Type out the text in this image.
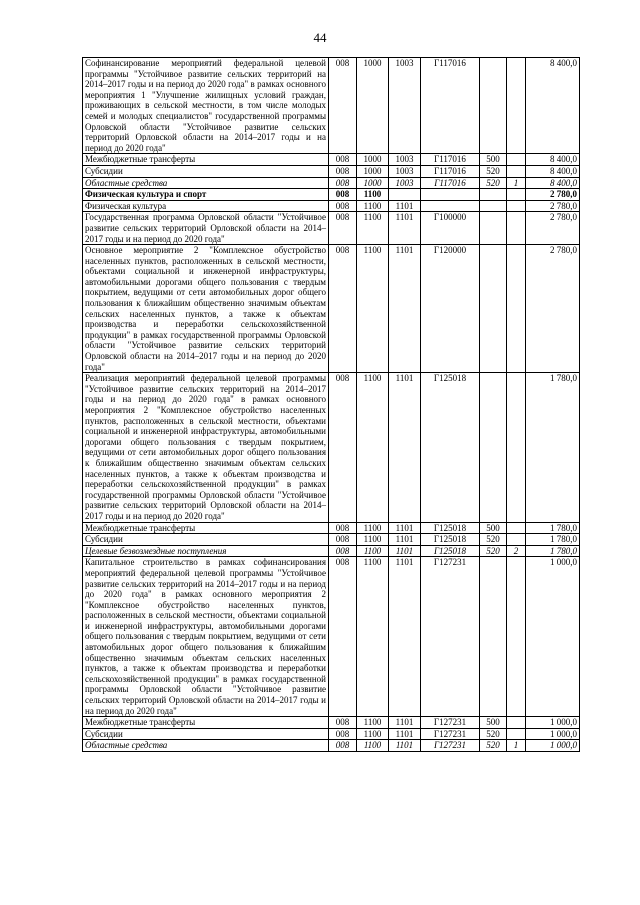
44
Софинансирование мероприятий федеральной целевой программы "Устойчивое развитие сельских территорий на 2014–2017 годы и на период до 2020 года" в рамках основного мероприятия 1 "Улучшение жилищных условий граждан, проживающих в сельской местности, в том числе молодых семей и молодых специалистов" государственной программы Орловской области "Устойчивое развитие сельских территорий Орловской области на 2014–2017 годы и на период до 2020 года"	008	1000	1003	Г117016			8 400,0
Межбюджетные трансферты	008	1000	1003	Г117016	500		8 400,0
Субсидии	008	1000	1003	Г117016	520		8 400,0
Областные средства	008	1000	1003	Г117016	520	1	8 400,0
Физическая культура и спорт	008	1100					2 780,0
Физическая культура	008	1100	1101				2 780,0
Государственная программа Орловской области "Устойчивое развитие сельских территорий Орловской области на 2014–2017 годы и на период до 2020 года"	008	1100	1101	Г100000			2 780,0
Основное мероприятие 2 "Комплексное обустройство населенных пунктов, расположенных в сельской местности, объектами социальной и инженерной инфраструктуры, автомобильными дорогами общего пользования с твердым покрытием, ведущими от сети автомобильных дорог общего пользования к ближайшим общественно значимым объектам сельских населенных пунктов, а также к объектам производства и переработки сельскохозяйственной продукции" в рамках государственной программы Орловской области "Устойчивое развитие сельских территорий Орловской области на 2014–2017 годы и на период до 2020 года"	008	1100	1101	Г120000			2 780,0
Реализация мероприятий федеральной целевой программы "Устойчивое развитие сельских территорий на 2014–2017 годы и на период до 2020 года" в рамках основного мероприятия 2 "Комплексное обустройство населенных пунктов, расположенных в сельской местности, объектами социальной и инженерной инфраструктуры, автомобильными дорогами общего пользования с твердым покрытием, ведущими от сети автомобильных дорог общего пользования к ближайшим общественно значимым объектам сельских населенных пунктов, а также к объектам производства и переработки сельскохозяйственной продукции" в рамках государственной программы Орловской области "Устойчивое развитие сельских территорий Орловской области на 2014–2017 годы и на период до 2020 года"	008	1100	1101	Г125018			1 780,0
Межбюджетные трансферты	008	1100	1101	Г125018	500		1 780,0
Субсидии	008	1100	1101	Г125018	520		1 780,0
Целевые безвозмездные поступления	008	1100	1101	Г125018	520	2	1 780,0
Капитальное строительство в рамках софинансирования мероприятий федеральной целевой программы "Устойчивое развитие сельских территорий на 2014–2017 годы и на период до 2020 года" в рамках основного мероприятия 2 "Комплексное обустройство населенных пунктов, расположенных в сельской местности, объектами социальной и инженерной инфраструктуры, автомобильными дорогами общего пользования с твердым покрытием, ведущими от сети автомобильных дорог общего пользования к ближайшим общественно значимым объектам сельских населенных пунктов, а также к объектам производства и переработки сельскохозяйственной продукции" в рамках государственной программы Орловской области "Устойчивое развитие сельских территорий Орловской области на 2014–2017 годы и на период до 2020 года"	008	1100	1101	Г127231			1 000,0
Межбюджетные трансферты	008	1100	1101	Г127231	500		1 000,0
Субсидии	008	1100	1101	Г127231	520		1 000,0
Областные средства	008	1100	1101	Г127231	520	1	1 000,0
